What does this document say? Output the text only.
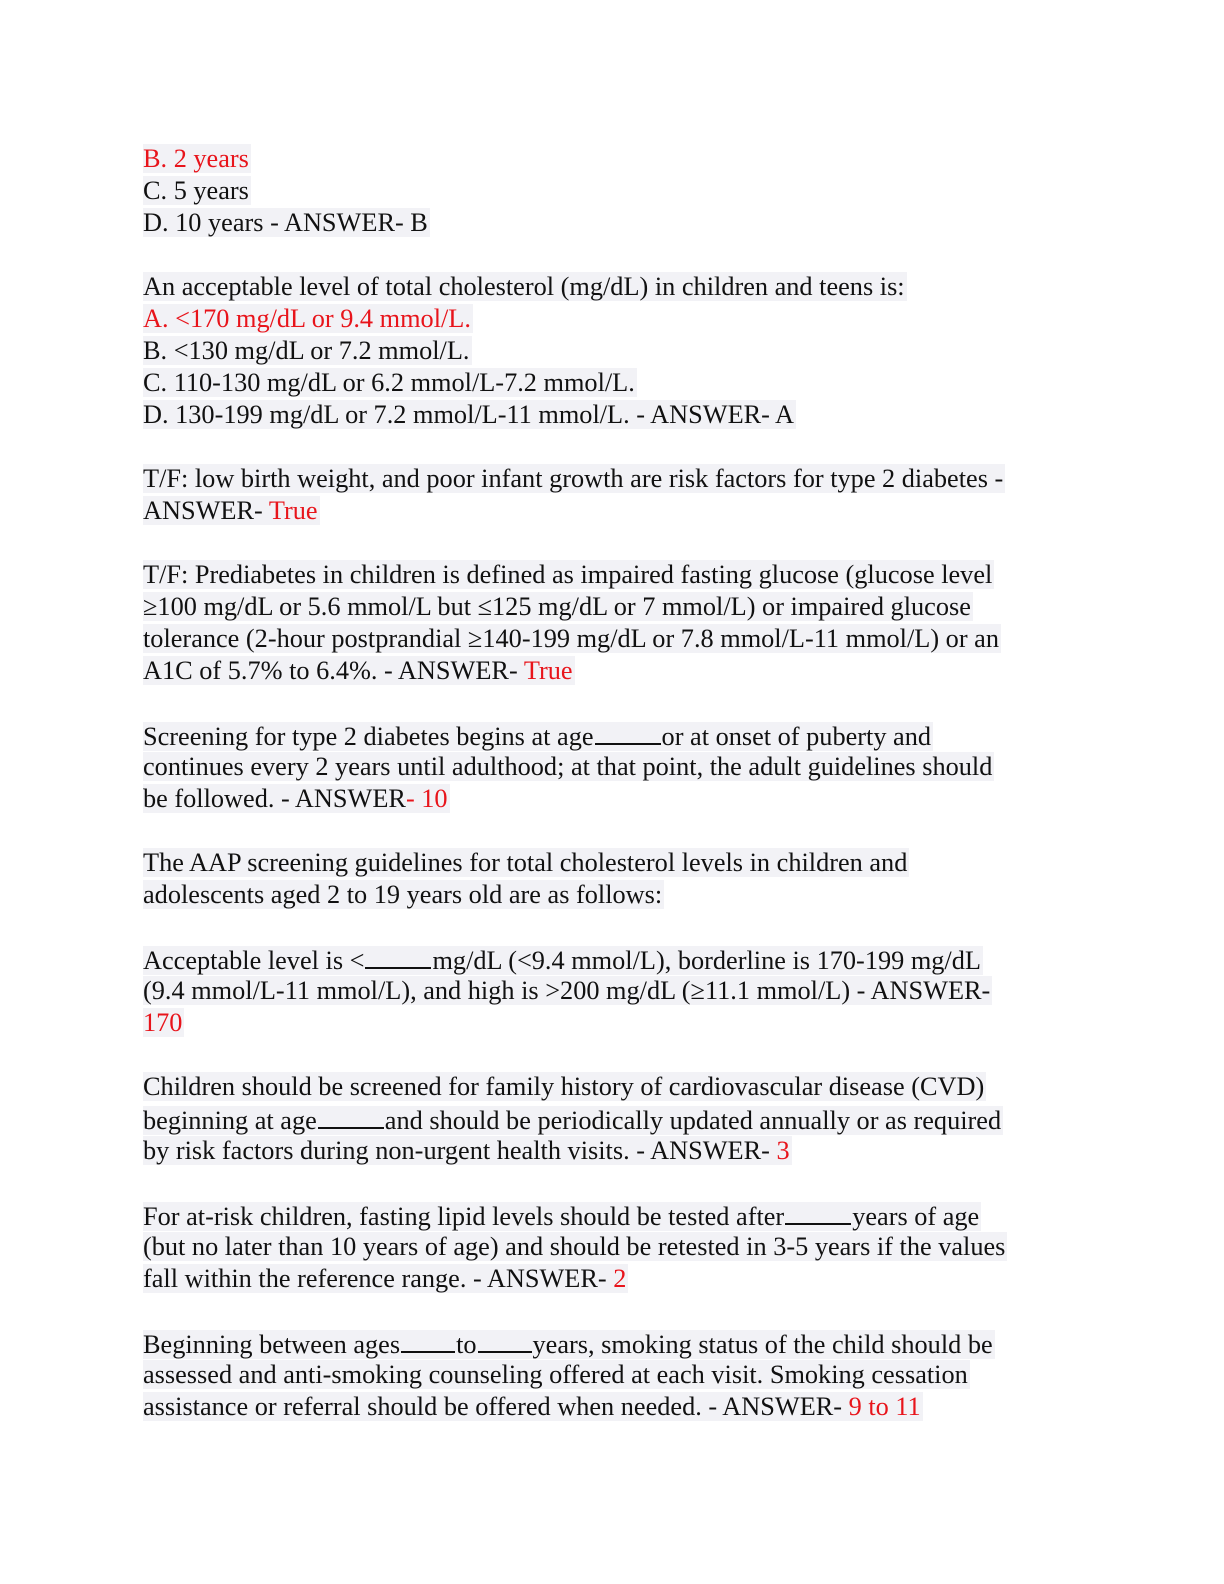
B. 2 years
C. 5 years
D. 10 years - ANSWER- B
An acceptable level of total cholesterol (mg/dL) in children and teens is:
A. <170 mg/dL or 9.4 mmol/L.
B. <130 mg/dL or 7.2 mmol/L.
C. 110-130 mg/dL or 6.2 mmol/L-7.2 mmol/L.
D. 130-199 mg/dL or 7.2 mmol/L-11 mmol/L. - ANSWER- A
T/F: low birth weight, and poor infant growth are risk factors for type 2 diabetes -
ANSWER- True
T/F: Prediabetes in children is defined as impaired fasting glucose (glucose level
≥100 mg/dL or 5.6 mmol/L but ≤125 mg/dL or 7 mmol/L) or impaired glucose
tolerance (2-hour postprandial ≥140-199 mg/dL or 7.8 mmol/L-11 mmol/L) or an
A1C of 5.7% to 6.4%. - ANSWER- True
Screening for type 2 diabetes begins at age	or at onset of puberty and
continues every 2 years until adulthood; at that point, the adult guidelines should
be followed. - ANSWER- 10
The AAP screening guidelines for total cholesterol levels in children and
adolescents aged 2 to 19 years old are as follows:
Acceptable level is <	mg/dL (<9.4 mmol/L), borderline is 170-199 mg/dL
(9.4 mmol/L-11 mmol/L), and high is >200 mg/dL (≥11.1 mmol/L) - ANSWER-
170
Children should be screened for family history of cardiovascular disease (CVD)
beginning at age	and should be periodically updated annually or as required
by risk factors during non-urgent health visits. - ANSWER- 3
For at-risk children, fasting lipid levels should be tested after	years of age
(but no later than 10 years of age) and should be retested in 3-5 years if the values
fall within the reference range. - ANSWER- 2
Beginning between ages to years, smoking status of the child should be
assessed and anti-smoking counseling offered at each visit. Smoking cessation
assistance or referral should be offered when needed. - ANSWER- 9 to 11
